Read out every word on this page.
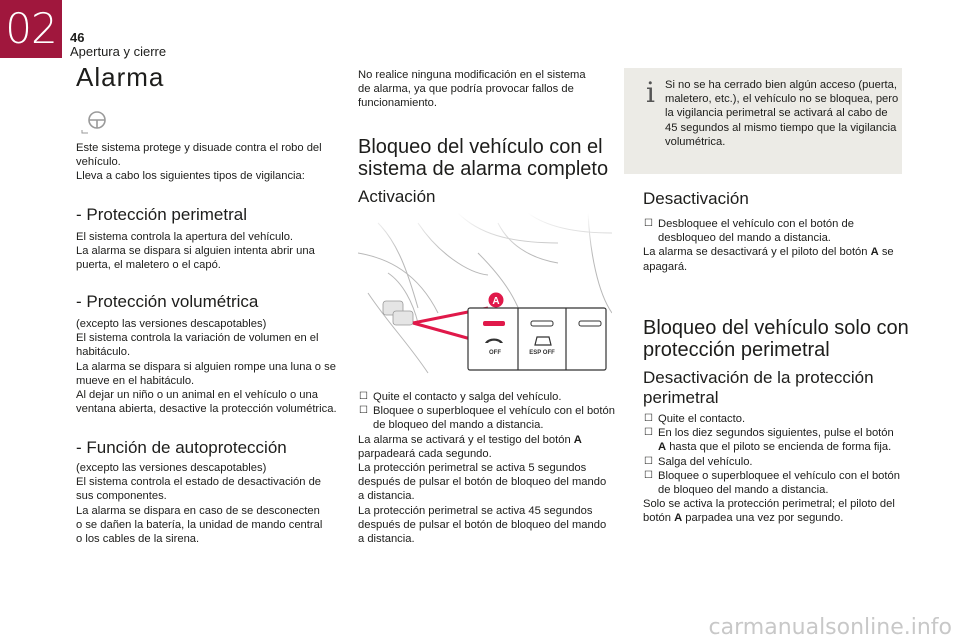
02	46
Apertura y cierre
Alarma
Este sistema protege y disuade contra el robo del
vehículo.
Lleva a cabo los siguientes tipos de vigilancia:
- Protección perimetral
El sistema controla la apertura del vehículo.
La alarma se dispara si alguien intenta abrir una
puerta, el maletero o el capó.
- Protección volumétrica
(excepto las versiones descapotables)
El sistema controla la variación de volumen en el
habitáculo.
La alarma se dispara si alguien rompe una luna o se
mueve en el habitáculo.
Al dejar un niño o un animal en el vehículo o una
ventana abierta, desactive la protección volumétrica.
- Función de autoprotección
(excepto las versiones descapotables)
El sistema controla el estado de desactivación de
sus componentes.
La alarma se dispara en caso de se desconecten
o se dañen la batería, la unidad de mando central
o los cables de la sirena.
No realice ninguna modificación en el sistema
de alarma, ya que podría provocar fallos de
funcionamiento.
Bloqueo del vehículo con el
sistema de alarma completo
Activación
A
OFF	ESP OFF
☐ Quite el contacto y salga del vehículo.
☐ Bloquee o superbloquee el vehículo con el botón
de bloqueo del mando a distancia.
La alarma se activará y el testigo del botón A
parpadeará cada segundo.
La protección perimetral se activa 5 segundos
después de pulsar el botón de bloqueo del mando
a distancia.
La protección perimetral se activa 45 segundos
después de pulsar el botón de bloqueo del mando
a distancia.
i Si no se ha cerrado bien algún acceso (puerta,
maletero, etc.), el vehículo no se bloquea, pero
la vigilancia perimetral se activará al cabo de
45 segundos al mismo tiempo que la vigilancia
volumétrica.
Desactivación
☐ Desbloquee el vehículo con el botón de
desbloqueo del mando a distancia.
La alarma se desactivará y el piloto del botón A se
apagará.
Bloqueo del vehículo solo con
protección perimetral
Desactivación de la protección
perimetral
☐ Quite el contacto.
☐ En los diez segundos siguientes, pulse el botón
A hasta que el piloto se encienda de forma fija.
☐ Salga del vehículo.
☐ Bloquee o superbloquee el vehículo con el botón
de bloqueo del mando a distancia.
Solo se activa la protección perimetral; el piloto del
botón A parpadea una vez por segundo.
carmanualsonline.info
